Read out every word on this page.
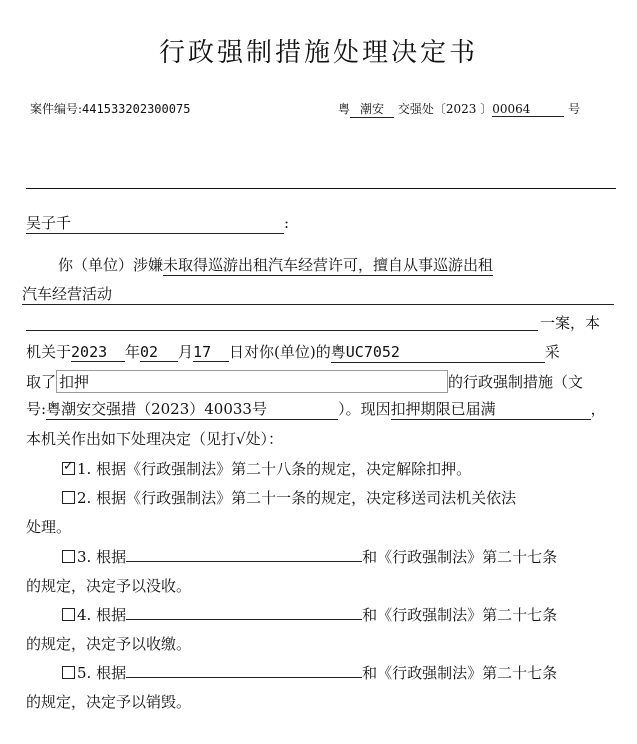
行政强制措施处理决定书
案件编号:441533202300075	粤 潮安 交强处〔2023 〕00064	号
吴子千	:
你（单位）涉嫌未取得巡游出租汽车经营许可，擅自从事巡游出租
汽车经营活动
一案，本
机关于2023 年02 月17 日对你(单位)的粤UC7052	采
取了 扣押	的行政强制措施（文
号:粤潮安交强措（2023）40033号	）。现因扣押期限已届满	，
本机关作出如下处理决定（见打√处）：
✓1. 根据《行政强制法》第二十八条的规定，决定解除扣押。
2. 根据《行政强制法》第二十一条的规定，决定移送司法机关依法
处理。
3. 根据	和《行政强制法》第二十七条
的规定，决定予以没收。
4. 根据	和《行政强制法》第二十七条
的规定，决定予以收缴。
5. 根据	和《行政强制法》第二十七条
的规定，决定予以销毁。
